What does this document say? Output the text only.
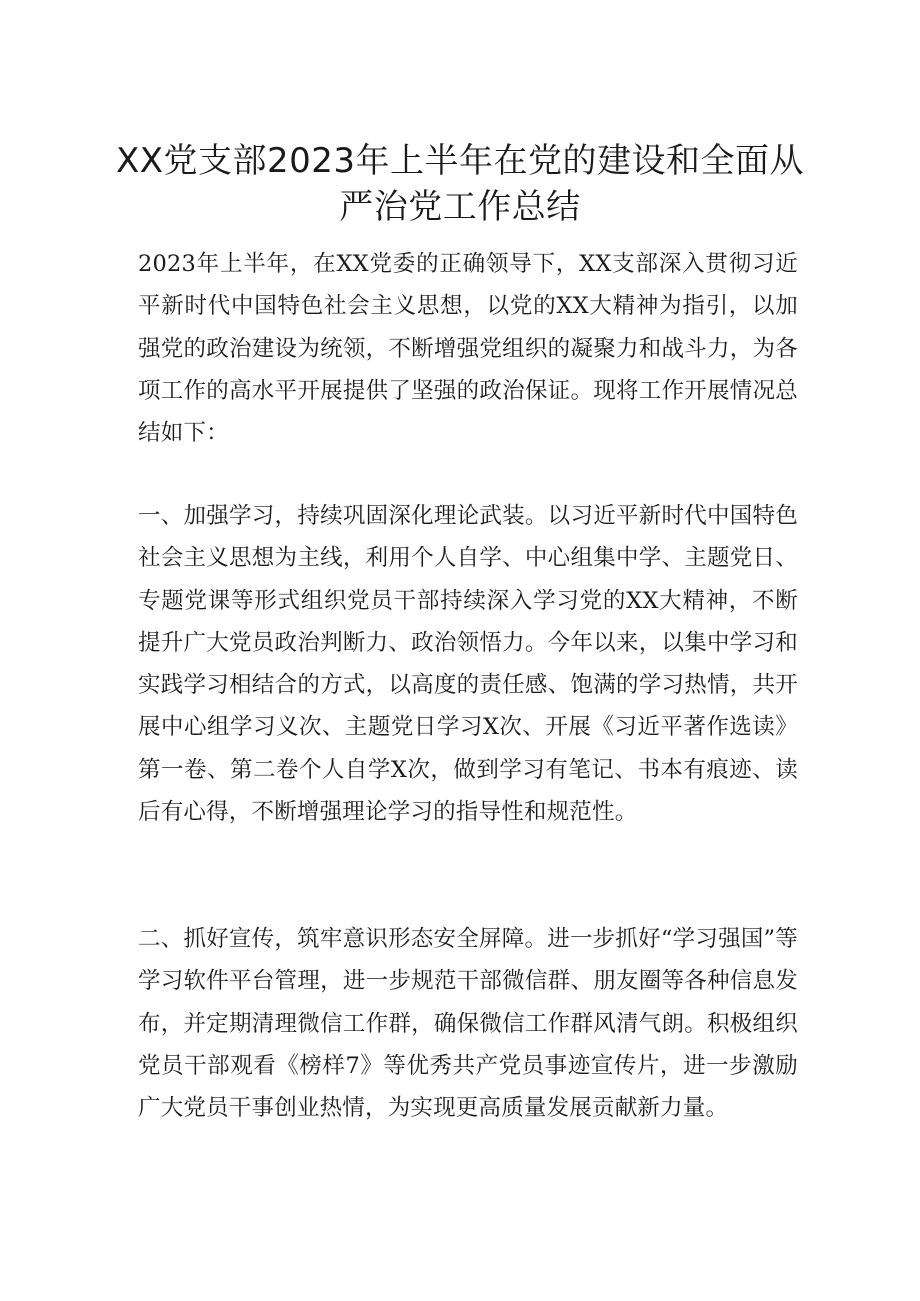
XX党支部2023年上半年在党的建设和全面从严治党工作总结

2023年上半年，在XX党委的正确领导下，XX支部深入贯彻习近平新时代中国特色社会主义思想，以党的XX大精神为指引，以加强党的政治建设为统领，不断增强党组织的凝聚力和战斗力，为各项工作的高水平开展提供了坚强的政治保证。现将工作开展情况总结如下：

一、加强学习，持续巩固深化理论武装。以习近平新时代中国特色社会主义思想为主线，利用个人自学、中心组集中学、主题党日、专题党课等形式组织党员干部持续深入学习党的XX大精神，不断提升广大党员政治判断力、政治领悟力。今年以来，以集中学习和实践学习相结合的方式，以高度的责任感、饱满的学习热情，共开展中心组学习义次、主题党日学习X次、开展《习近平著作选读》第一卷、第二卷个人自学X次，做到学习有笔记、书本有痕迹、读后有心得，不断增强理论学习的指导性和规范性。

二、抓好宣传，筑牢意识形态安全屏障。进一步抓好“学习强国”等学习软件平台管理，进一步规范干部微信群、朋友圈等各种信息发布，并定期清理微信工作群，确保微信工作群风清气朗。积极组织党员干部观看《榜样7》等优秀共产党员事迹宣传片，进一步激励广大党员干事创业热情，为实现更高质量发展贡献新力量。
